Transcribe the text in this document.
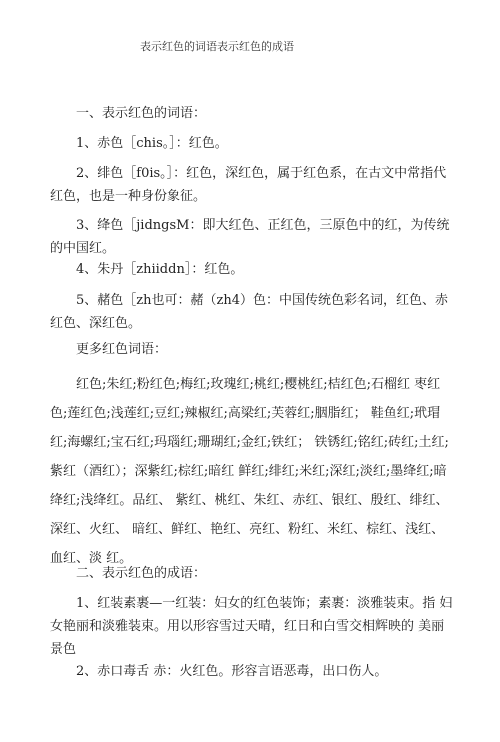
表示红色的词语表示红色的成语
一、表示红色的词语：
1、赤色［chis。］：红色。
2、绯色［f0is。］：红色，深红色，属于红色系，在古文中常指代 红色，也是一种身份象征。
3、绛色［jidngsM：即大红色、正红色，三原色中的红，为传统 的中国红。
4、朱丹［zhiiddn］：红色。
5、赭色［zh也可：赭（zh4）色：中国传统色彩名词，红色、赤红色、深红色。
更多红色词语：
红色;朱红;粉红色;梅红;玫瑰红;桃红;樱桃红;桔红色;石榴红 枣红色;莲红色;浅莲红;豆红;辣椒红;高梁红;芙蓉红;胭脂红； 鞋鱼红;玳瑁红;海螺红;宝石红;玛瑙红;珊瑚红;金红;铁红； 铁锈红;铭红;砖红;土红;紫红（酒红）；深紫红;棕红;暗红 鲜红;绯红;米红;深红;淡红;墨绛红;暗绛红;浅绛红。品红、 紫红、桃红、朱红、赤红、银红、殷红、绯红、深红、火红、 暗红、鲜红、艳红、亮红、粉红、米红、棕红、浅红、血红、淡 红。
二、表示红色的成语：
1、红装素裹—一红装：妇女的红色装饰；素裹：淡雅装束。指 妇女艳丽和淡雅装束。用以形容雪过天晴，红日和白雪交相辉映的 美丽景色
2、赤口毒舌 赤：火红色。形容言语恶毒，出口伤人。
